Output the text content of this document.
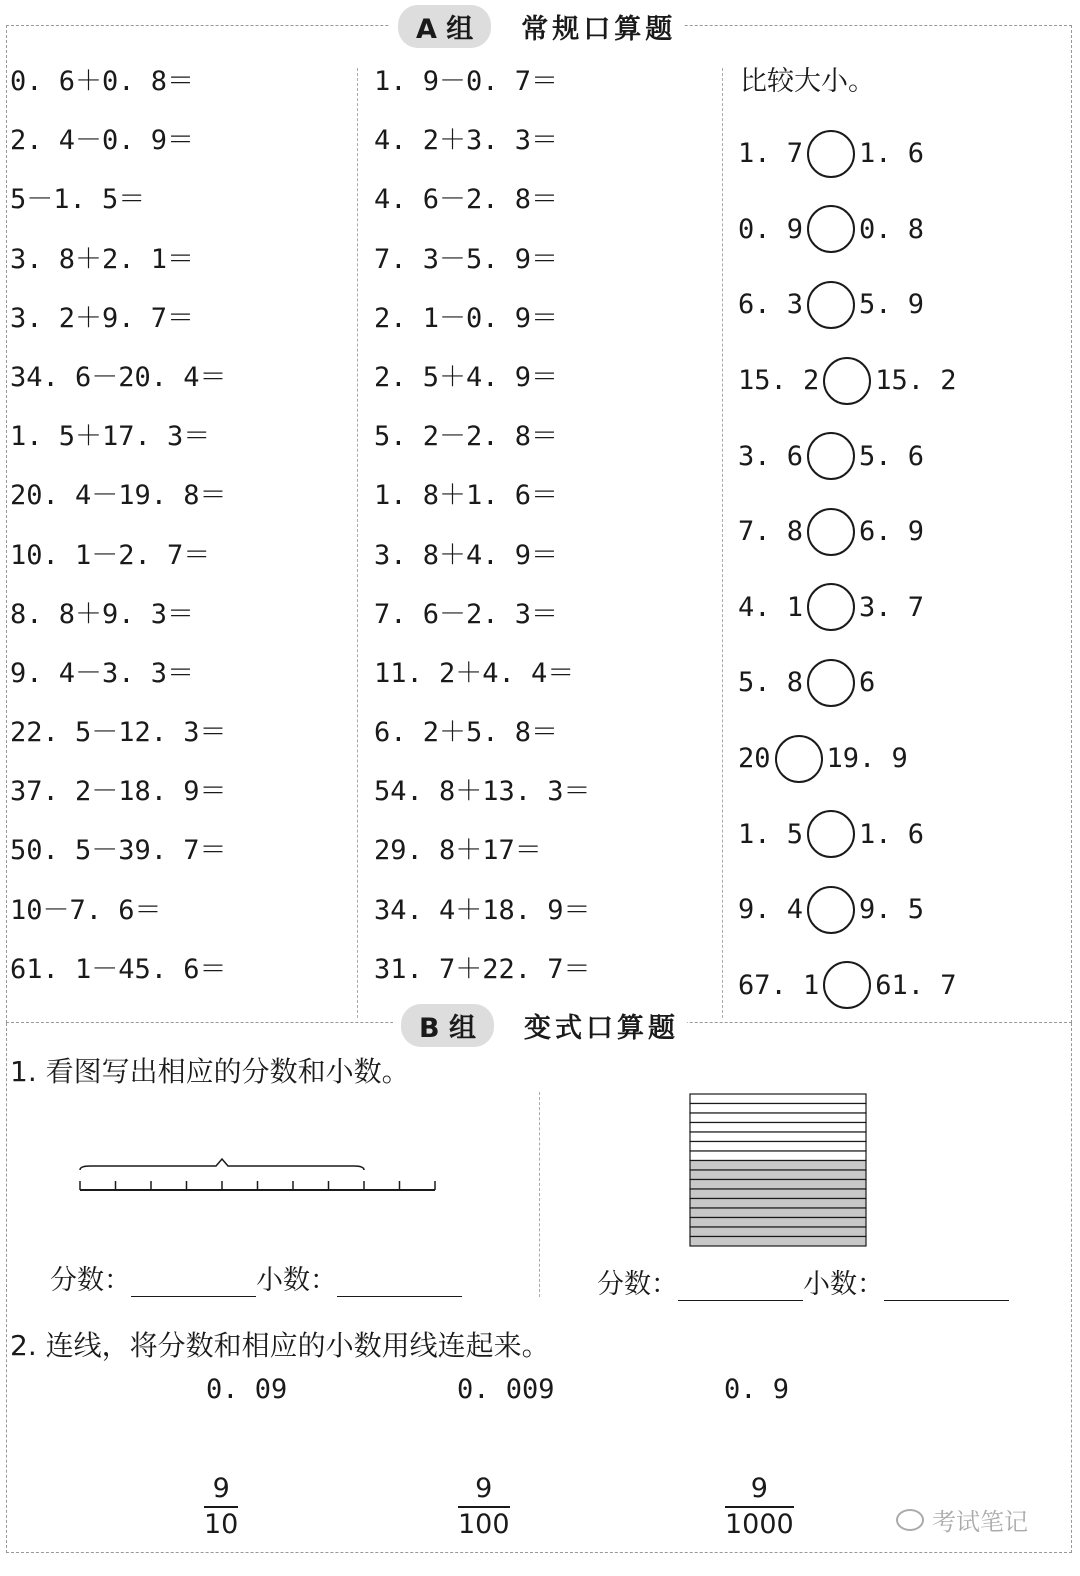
A 组	常规口算题
0. 6＋0. 8＝
2. 4－0. 9＝
5－1. 5＝
3. 8＋2. 1＝
3. 2＋9. 7＝
34. 6－20. 4＝
1. 5＋17. 3＝
20. 4－19. 8＝
10. 1－2. 7＝
8. 8＋9. 3＝
9. 4－3. 3＝
22. 5－12. 3＝
37. 2－18. 9＝
50. 5－39. 7＝
10－7. 6＝
61. 1－45. 6＝
1. 9－0. 7＝
4. 2＋3. 3＝
4. 6－2. 8＝
7. 3－5. 9＝
2. 1－0. 9＝
2. 5＋4. 9＝
5. 2－2. 8＝
1. 8＋1. 6＝
3. 8＋4. 9＝
7. 6－2. 3＝
11. 2＋4. 4＝
6. 2＋5. 8＝
54. 8＋13. 3＝
29. 8＋17＝
34. 4＋18. 9＝
31. 7＋22. 7＝
比较大小。
1. 7 1. 6
0. 9 0. 8
6. 3 5. 9
15. 2 15. 2
3. 6 5. 6
7. 8 6. 9
4. 1 3. 7
5. 8 6
20 19. 9
1. 5 1. 6
9. 4 9. 5
67. 1 61. 7
B 组	变式口算题
1. 看图写出相应的分数和小数。
分数：	小数：	分数：	小数：
2. 连线，将分数和相应的小数用线连起来。
0. 09	0. 009	0. 9
9
10
9
100
9
1000	考试笔记
